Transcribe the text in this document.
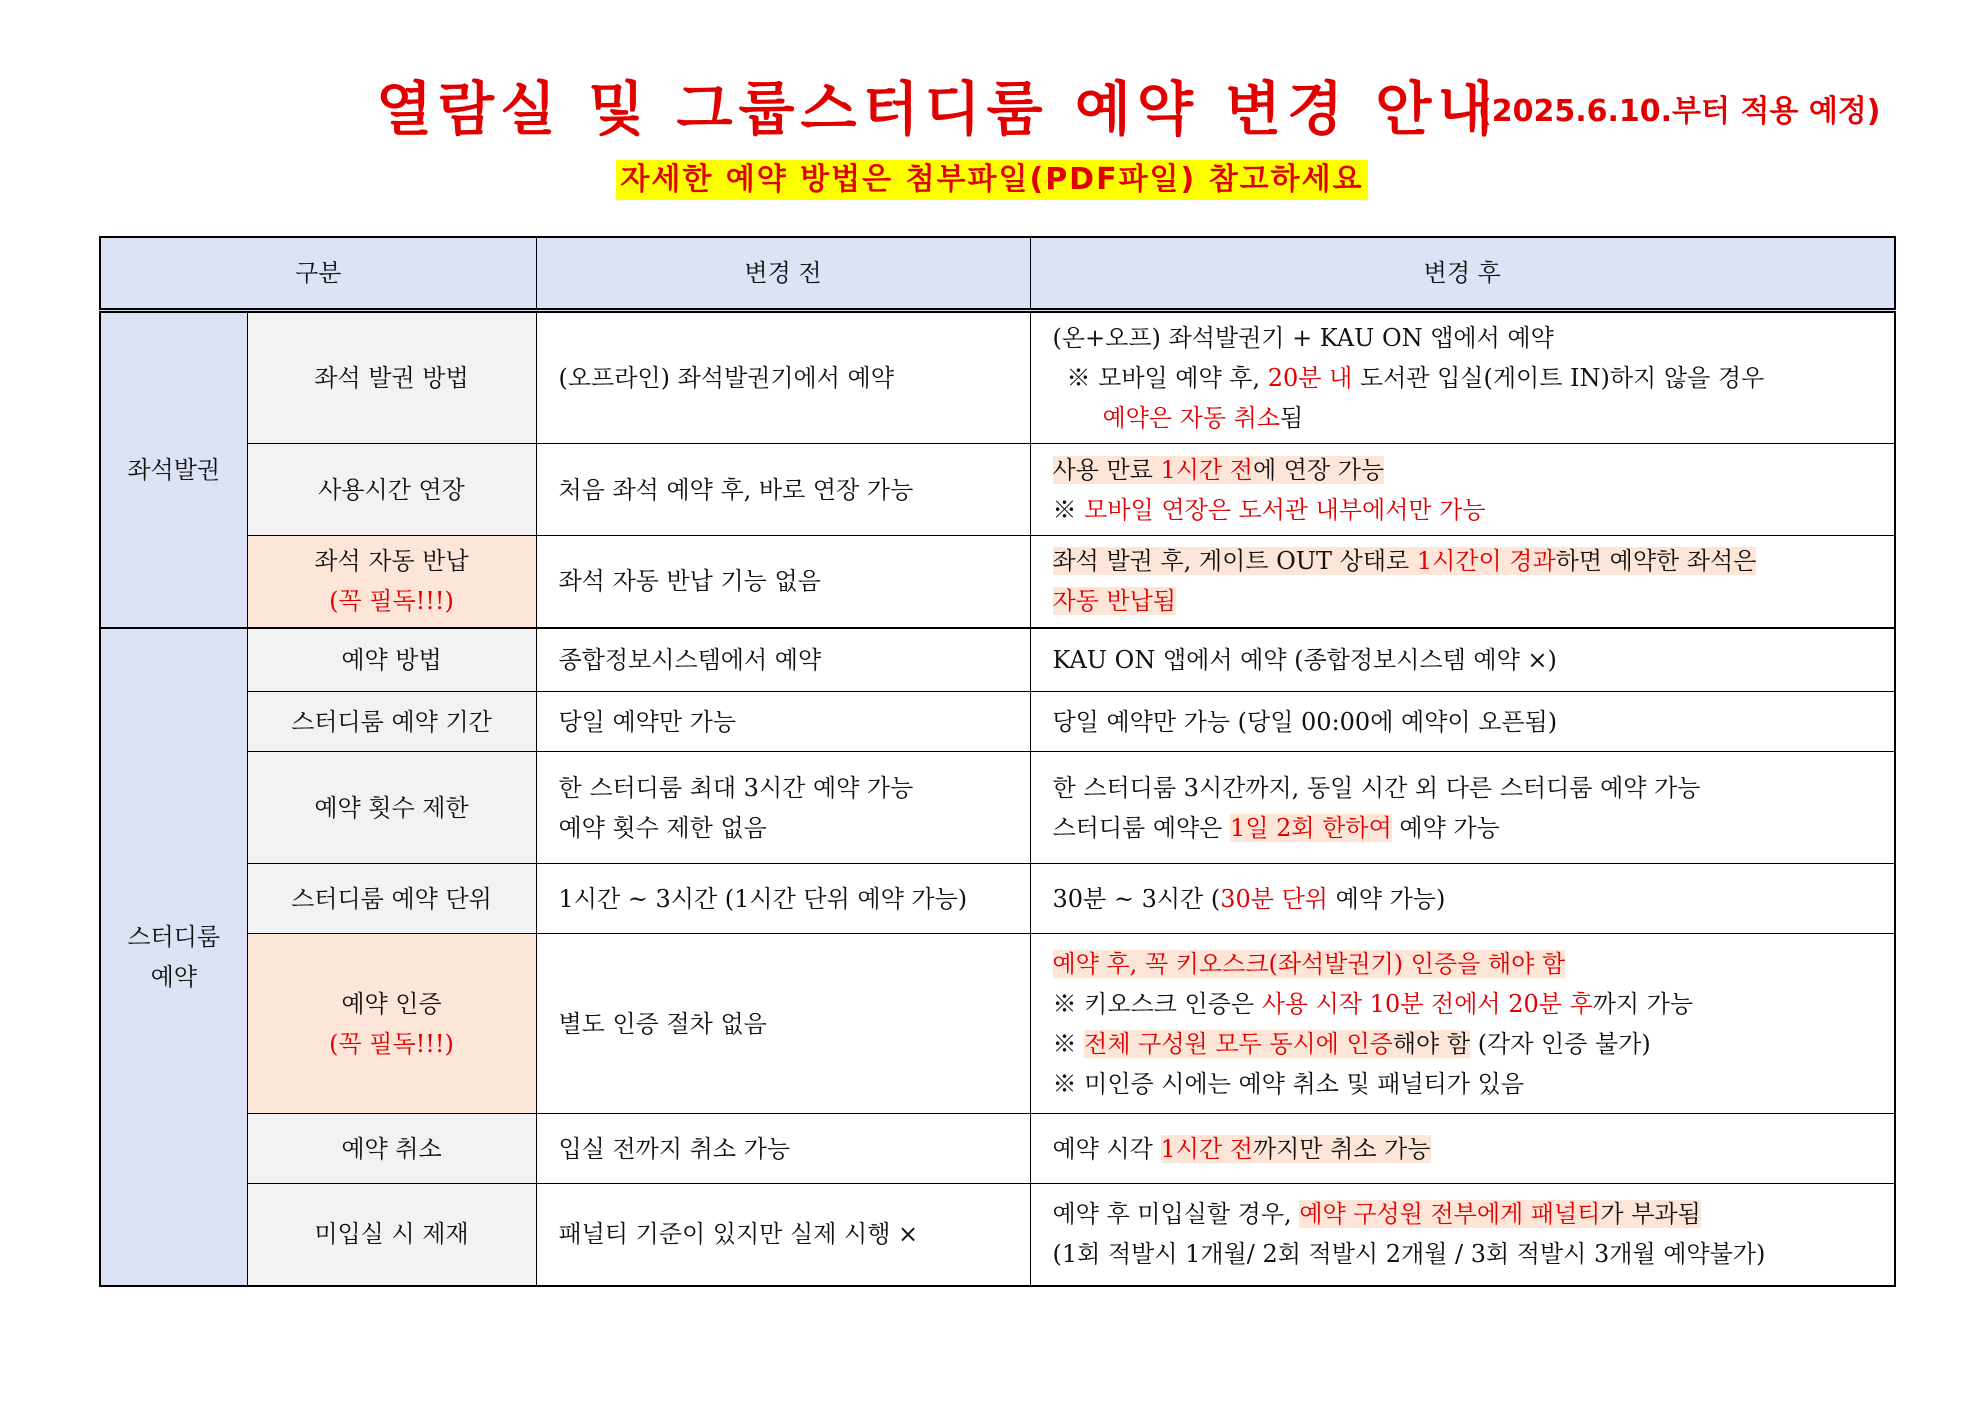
열람실 및 그룹스터디룸 예약 변경 안내
(2025.6.10.부터 적용 예정)
자세한 예약 방법은 첨부파일(PDF파일) 참고하세요
구분		변경 전	변경 후
좌석발권	좌석 발권 방법	(오프라인) 좌석발권기에서 예약	(온+오프) 좌석발권기 + KAU ON 앱에서 예약
※ 모바일 예약 후, 20분 내 도서관 입실(게이트 IN)하지 않을 경우
예약은 자동 취소됨

	사용시간 연장	처음 좌석 예약 후, 바로 연장 가능	사용 만료 1시간 전에 연장 가능
※ 모바일 연장은 도서관 내부에서만 가능

	좌석 자동 반납
(꼭 필독!!!)	좌석 자동 반납 기능 없음	좌석 발권 후, 게이트 OUT 상태로 1시간이 경과하면 예약한 좌석은
자동 반납됨

스터디룸
예약	예약 방법	종합정보시스템에서 예약	KAU ON 앱에서 예약 (종합정보시스템 예약 ×)
	스터디룸 예약 기간	당일 예약만 가능	당일 예약만 가능 (당일 00:00에 예약이 오픈됨)
	예약 횟수 제한	한 스터디룸 최대 3시간 예약 가능
예약 횟수 제한 없음	한 스터디룸 3시간까지, 동일 시간 외 다른 스터디룸 예약 가능
스터디룸 예약은 1일 2회 한하여 예약 가능

	스터디룸 예약 단위	1시간 ~ 3시간 (1시간 단위 예약 가능)	30분 ~ 3시간 (30분 단위 예약 가능)

	예약 인증
(꼭 필독!!!)	별도 인증 절차 없음	예약 후, 꼭 키오스크(좌석발권기) 인증을 해야 함
※ 키오스크 인증은 사용 시작 10분 전에서 20분 후까지 가능
※ 전체 구성원 모두 동시에 인증해야 함 (각자 인증 불가)
※ 미인증 시에는 예약 취소 및 패널티가 있음

	예약 취소	입실 전까지 취소 가능	예약 시각 1시간 전까지만 취소 가능
	미입실 시 제재	패널티 기준이 있지만 실제 시행 ×	예약 후 미입실할 경우, 예약 구성원 전부에게 패널티가 부과됨
(1회 적발시 1개월/ 2회 적발시 2개월 / 3회 적발시 3개월 예약불가)
